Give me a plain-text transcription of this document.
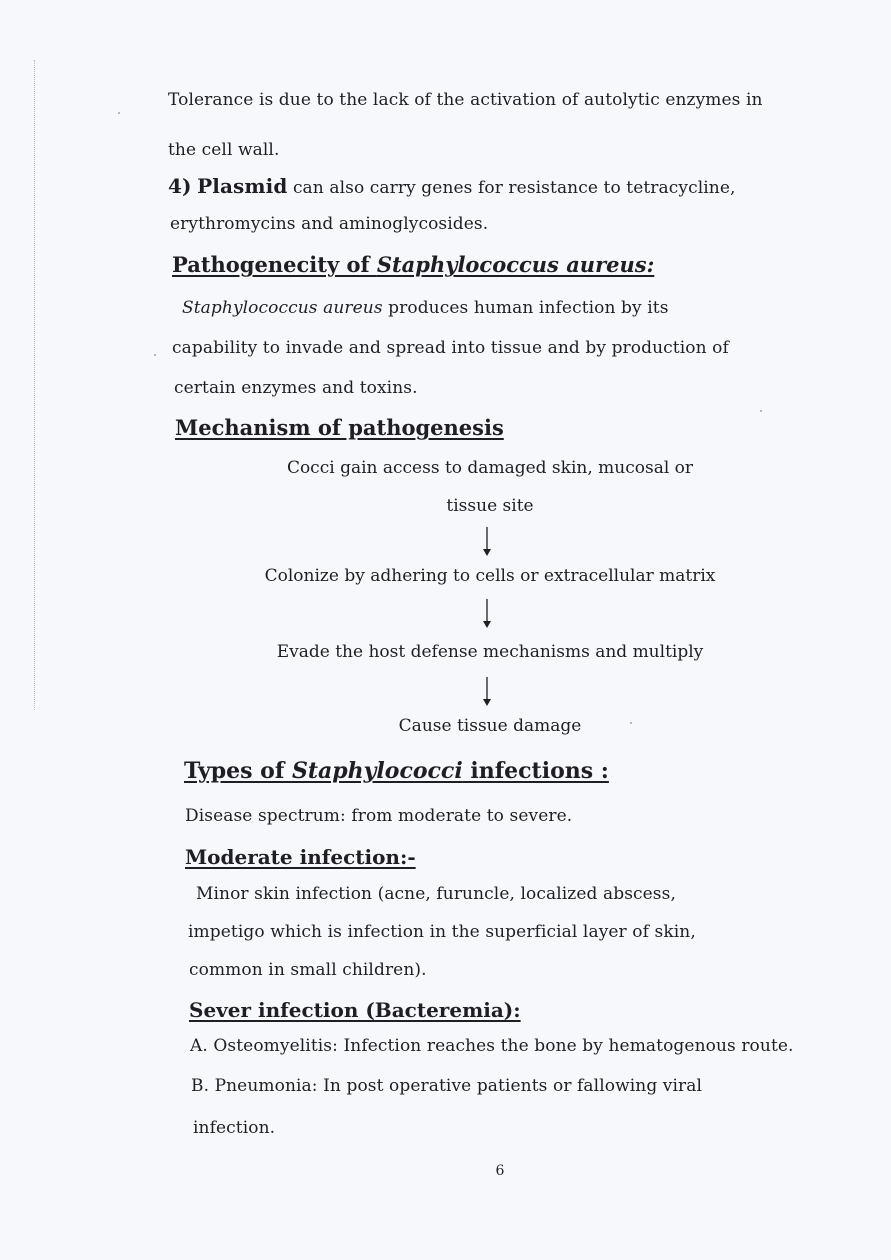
Tolerance is due to the lack of the activation of autolytic enzymes in
the cell wall.
4) Plasmid can also carry genes for resistance to tetracycline,
erythromycins and aminoglycosides.
Pathogenecity of Staphylococcus aureus:
Staphylococcus aureus produces human infection by its
capability to invade and spread into tissue and by production of
certain enzymes and toxins.
Mechanism of pathogenesis
Cocci gain access to damaged skin, mucosal or
tissue site
Colonize by adhering to cells or extracellular matrix
Evade the host defense mechanisms and multiply
Cause tissue damage
Types of Staphylococci infections :
Disease spectrum: from moderate to severe.
Moderate infection:-
Minor skin infection (acne, furuncle, localized abscess,
impetigo which is infection in the superficial layer of skin,
common in small children).
Sever infection (Bacteremia):
A. Osteomyelitis: Infection reaches the bone by hematogenous route.
B. Pneumonia: In post operative patients or fallowing viral
infection.
6
